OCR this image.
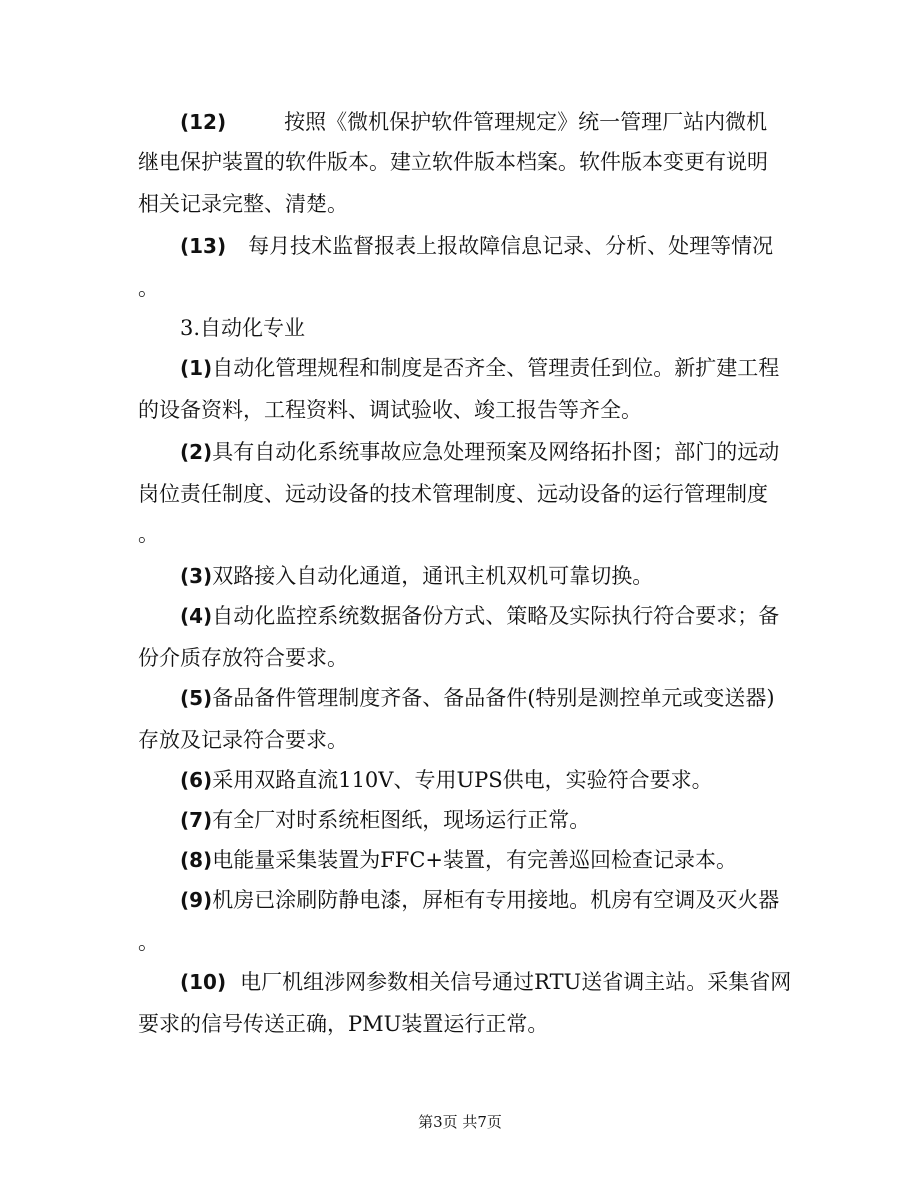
(12)	按照《微机保护软件管理规定》统一管理厂站内微机
继电保护装置的软件版本。建立软件版本档案。软件版本变更有说明
相关记录完整、清楚。
(13) 每月技术监督报表上报故障信息记录、分析、处理等情况
。
3.自动化专业
(1)自动化管理规程和制度是否齐全、管理责任到位。新扩建工程
的设备资料，工程资料、调试验收、竣工报告等齐全。
(2)具有自动化系统事故应急处理预案及网络拓扑图；部门的远动
岗位责任制度、远动设备的技术管理制度、远动设备的运行管理制度
。
(3)双路接入自动化通道，通讯主机双机可靠切换。
(4)自动化监控系统数据备份方式、策略及实际执行符合要求；备
份介质存放符合要求。
(5)备品备件管理制度齐备、备品备件(特别是测控单元或变送器)
存放及记录符合要求。
(6)采用双路直流110V、专用UPS供电，实验符合要求。
(7)有全厂对时系统柜图纸，现场运行正常。
(8)电能量采集装置为FFC+装置，有完善巡回检查记录本。
(9)机房已涂刷防静电漆，屏柜有专用接地。机房有空调及灭火器
。
(10) 电厂机组涉网参数相关信号通过RTU送省调主站。采集省网
要求的信号传送正确，PMU装置运行正常。
第3页 共7页
